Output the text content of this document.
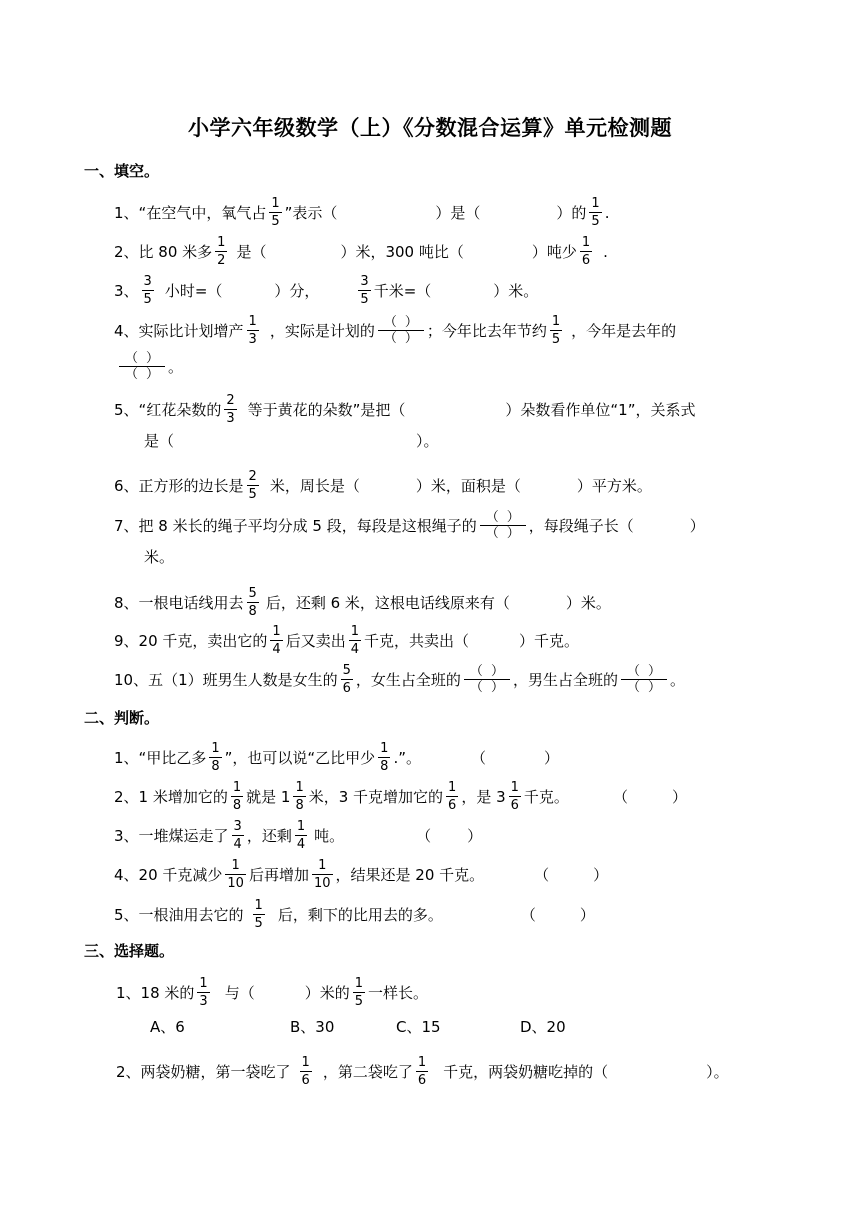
小学六年级数学（上）《分数混合运算》单元检测题
一、填空。
1、“在空气中，氧气占 $\frac{1}{5}$ ”表示（	）是（	）的 $\frac{1}{5}$ .
2、比 80 米多 $\frac{1}{2}$ 是（	）米，300 吨比（	）吨少 $\frac{1}{6}$ .
3、 $\frac{3}{5}$ 小时=（	）分，	$\frac{3}{5}$ 千米=（	）米。
4、实际比计划增产 $\frac{1}{3}$ ，实际是计划的 （ ）
（ ） ；今年比去年节约 $\frac{1}{5}$ ，今年是去年的
（ ）
（ ） 。
5、“红花朵数的 $\frac{2}{3}$ 等于黄花的朵数”是把（	）朵数看作单位“1”，关系式
是（	）。
6、正方形的边长是 $\frac{2}{5}$ 米，周长是（	）米，面积是（	）平方米。
7、把 8 米长的绳子平均分成 5 段，每段是这根绳子的 （ ）
（ ） ，每段绳子长（	）
米。
8、一根电话线用去 $\frac{5}{8}$ 后，还剩 6 米，这根电话线原来有（	）米。
9、20 千克，卖出它的 $\frac{1}{4}$ 后又卖出 $\frac{1}{4}$ 千克，共卖出（	）千克。
10、五（1）班男生人数是女生的 $\frac{5}{6}$ ，女生占全班的 （ ）
（ ） ，男生占全班的 （ ）
（ ） 。
二、判断。
1、“甲比乙多 $\frac{1}{8}$ ”，也可以说“乙比甲少 $\frac{1}{8}$ .”。	（	）
2、1 米增加它的 $\frac{1}{8}$ 就是 $1 \frac{1}{8}$ 米，3 千克增加它的 $\frac{1}{6}$ ，是 $3 \frac{1}{6}$ 千克。	（	）
3、一堆煤运走了 $\frac{3}{4}$ ，还剩 $\frac{1}{4}$ 吨。	（ ）
4、20 千克减少 $\frac{1}{10}$ 后再增加 $\frac{1}{10}$ ，结果还是 20 千克。	（	）
5、一根油用去它的 $\frac{1}{5}$ 后，剩下的比用去的多。	（	）
三、选择题。
1、18 米的 $\frac{1}{3}$ 与（	）米的 $\frac{1}{5}$ 一样长。
A、6	B、30	C、15	D、20
2、两袋奶糖，第一袋吃了 $\frac{1}{6}$ ，第二袋吃了 $\frac{1}{6}$ 千克，两袋奶糖吃掉的（	）。
